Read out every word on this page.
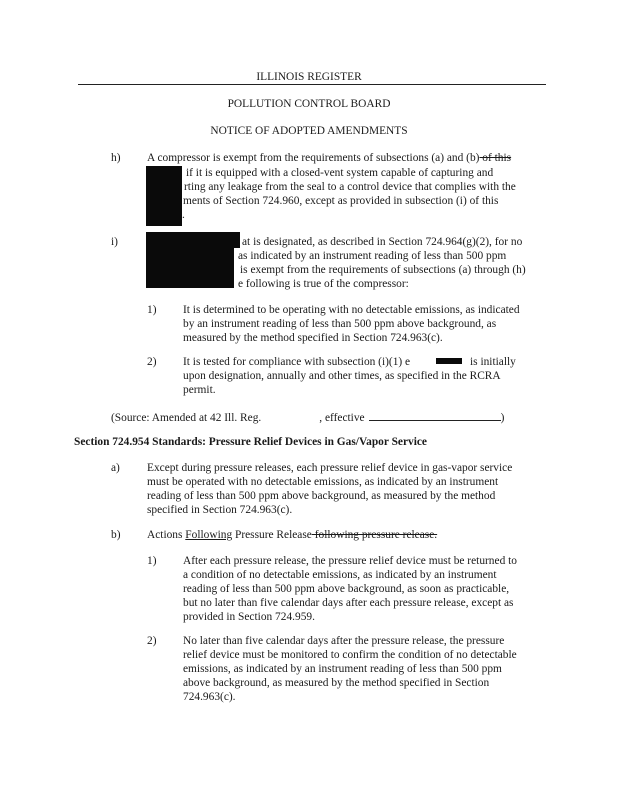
ILLINOIS REGISTER
POLLUTION CONTROL BOARD
NOTICE OF ADOPTED AMENDMENTS
h) A compressor is exempt from the requirements of subsections (a) and (b) of this
if it is equipped with a closed-vent system capable of capturing and
rting any leakage from the seal to a control device that complies with the
ments of Section 724.960, except as provided in subsection (i) of this
.
i)	at is designated, as described in Section 724.964(g)(2), for no
as indicated by an instrument reading of less than 500 ppm
is exempt from the requirements of subsections (a) through (h)
e following is true of the compressor:
1) It is determined to be operating with no detectable emissions, as indicated
by an instrument reading of less than 500 ppm above background, as
measured by the method specified in Section 724.963(c).
2) It is tested for compliance with subsection (i)(1) e	is initially
upon designation, annually and other times, as specified in the RCRA
permit.
(Source: Amended at 42 Ill. Reg.	, effective	)
Section 724.954 Standards: Pressure Relief Devices in Gas/Vapor Service
a) Except during pressure releases, each pressure relief device in gas-vapor service
must be operated with no detectable emissions, as indicated by an instrument
reading of less than 500 ppm above background, as measured by the method
specified in Section 724.963(c).
b) Actions Following Pressure Release following pressure release.
1) After each pressure release, the pressure relief device must be returned to
a condition of no detectable emissions, as indicated by an instrument
reading of less than 500 ppm above background, as soon as practicable,
but no later than five calendar days after each pressure release, except as
provided in Section 724.959.
2) No later than five calendar days after the pressure release, the pressure
relief device must be monitored to confirm the condition of no detectable
emissions, as indicated by an instrument reading of less than 500 ppm
above background, as measured by the method specified in Section
724.963(c).
